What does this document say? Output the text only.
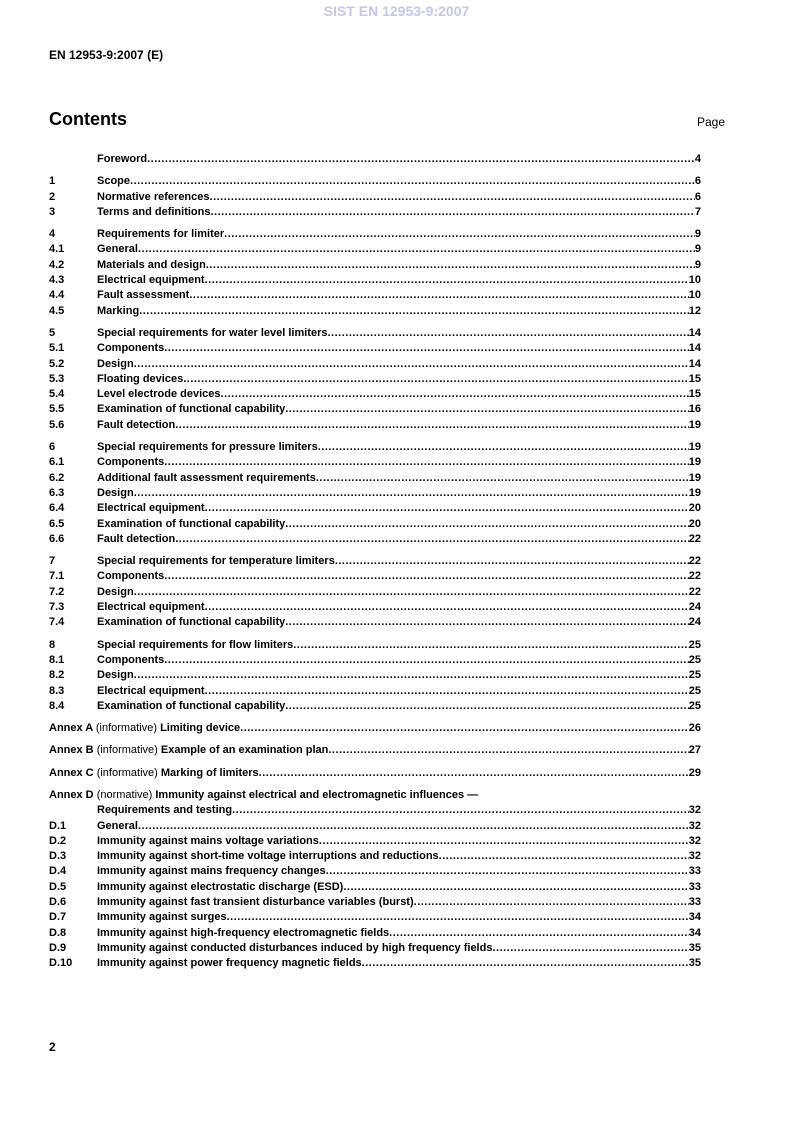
SIST EN 12953-9:2007
EN 12953-9:2007 (E)
Contents	Page
Foreword .....	4
1	Scope .....	6
2	Normative references .....	6
3	Terms and definitions .....	7
4	Requirements for limiter .....	9
4.1	General .....	9
4.2	Materials and design .....	9
4.3	Electrical equipment .....	10
4.4	Fault assessment .....	10
4.5	Marking .....	12
5	Special requirements for water level limiters .....	14
5.1	Components .....	14
5.2	Design .....	14
5.3	Floating devices .....	15
5.4	Level electrode devices .....	15
5.5	Examination of functional capability .....	16
5.6	Fault detection .....	19
6	Special requirements for pressure limiters .....	19
6.1	Components .....	19
6.2	Additional fault assessment requirements .....	19
6.3	Design .....	19
6.4	Electrical equipment .....	20
6.5	Examination of functional capability .....	20
6.6	Fault detection .....	22
7	Special requirements for temperature limiters .....	22
7.1	Components .....	22
7.2	Design .....	22
7.3	Electrical equipment .....	24
7.4	Examination of functional capability .....	24
8	Special requirements for flow limiters .....	25
8.1	Components .....	25
8.2	Design .....	25
8.3	Electrical equipment .....	25
8.4	Examination of functional capability .....	25
Annex A (informative) Limiting device .....	26
Annex B (informative) Example of an examination plan .....	27
Annex C (informative) Marking of limiters .....	29
Annex D (normative) Immunity against electrical and electromagnetic influences —
Requirements and testing .....	32
D.1	General .....	32
D.2	Immunity against mains voltage variations .....	32
D.3	Immunity against short-time voltage interruptions and reductions .....	32
D.4	Immunity against mains frequency changes .....	33
D.5	Immunity against electrostatic discharge (ESD) .....	33
D.6	Immunity against fast transient disturbance variables (burst) .....	33
D.7	Immunity against surges .....	34
D.8	Immunity against high-frequency electromagnetic fields .....	34
D.9	Immunity against conducted disturbances induced by high frequency fields .....	35
D.10	Immunity against power frequency magnetic fields .....	35
2
